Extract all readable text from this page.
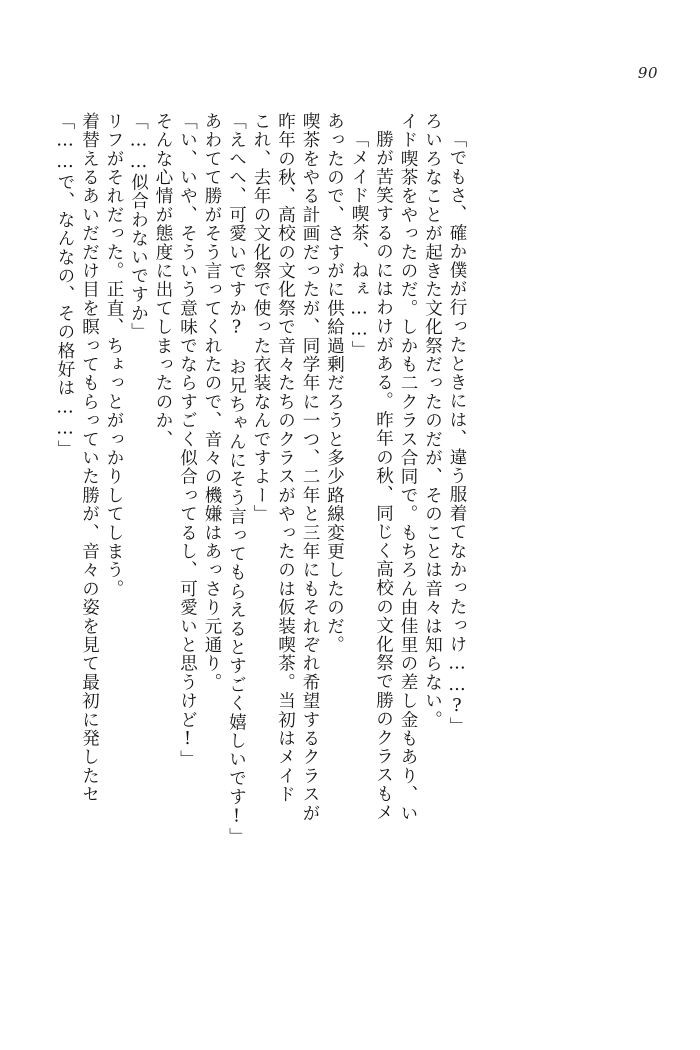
90
「……で、なんなの、その格好は……」 着替えるあいだだけ目を瞑ってもらっていた勝が、音々の姿を見て最初に発したセ リフがそれだった。正直、ちょっとがっかりしてしまう。 「……似合わないですか」 そんな心情が態度に出てしまったのか、 「い、いや、そういう意味でならすごく似合ってるし、可愛いと思うけど!」 あわてて勝がそう言ってくれたので、音々の機嫌はあっさり元通り。 「えへへ、可愛いですか?　お兄ちゃんにそう言ってもらえるとすごく嬉しいです!」 これ、去年の文化祭で使った衣装なんですよー」 昨年の秋、高校の文化祭で音々たちのクラスがやったのは仮装喫茶。当初はメイド 喫茶をやる計画だったが、同学年に一つ、二年と三年にもそれぞれ希望するクラスが あったので、さすがに供給過剰だろうと多少路線変更したのだ。 「メイド喫茶、ねぇ……」 勝が苦笑するのにはわけがある。昨年の秋、同じく高校の文化祭で勝のクラスもメ イド喫茶をやったのだ。しかも二クラス合同で。もちろん由佳里の差し金もあり、い ろいろなことが起きた文化祭だったのだが、そのことは音々は知らない。 「でもさ、確か僕が行ったときには、違う服着てなかったっけ……?」
